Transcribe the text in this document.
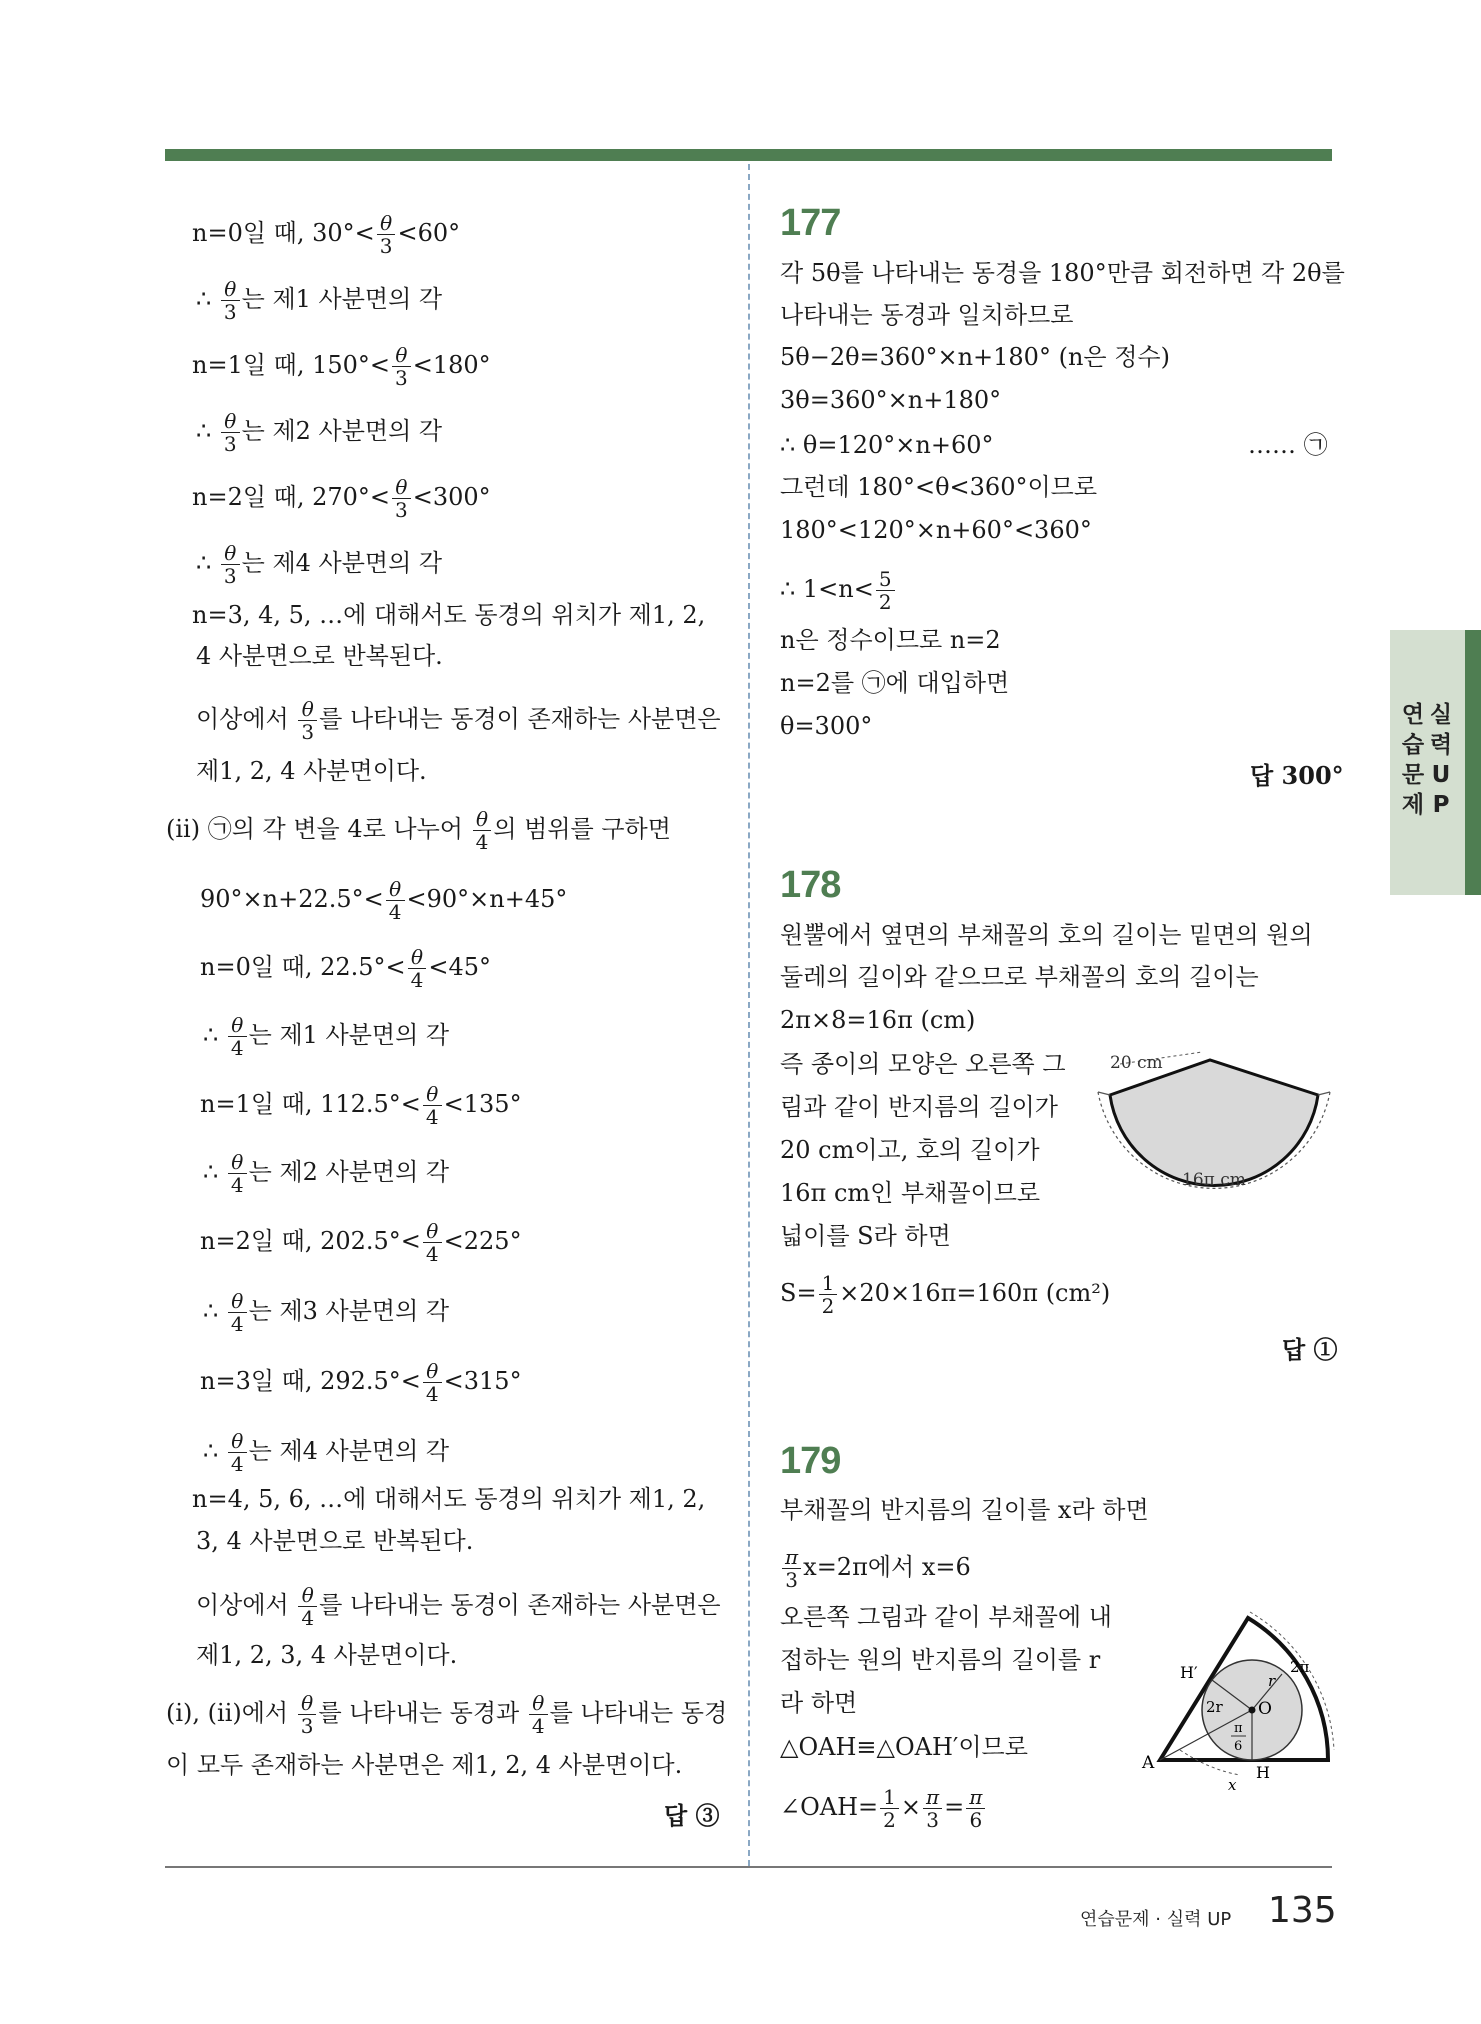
n=0일 때, $30^\circ< \frac{\theta}{3} <60^\circ$
∴ $\frac{\theta}{3}$ 는 제1 사분면의 각
n=1일 때, $150^\circ< \frac{\theta}{3} <180^\circ$
∴ $\frac{\theta}{3}$ 는 제2 사분면의 각
n=2일 때, $270^\circ< \frac{\theta}{3} <300^\circ$
∴ $\frac{\theta}{3}$ 는 제4 사분면의 각
n=3, 4, 5, …에 대해서도 동경의 위치가 제1, 2,
4 사분면으로 반복된다.
이상에서 $\frac{\theta}{3}$ 를 나타내는 동경이 존재하는 사분면은
제1, 2, 4 사분면이다.
(ii) ㉠의 각 변을 4로 나누어 $\frac{\theta}{4}$ 의 범위를 구하면
$90^\circ\times n+22.5^\circ< \frac{\theta}{4} <90^\circ\times n+45^\circ$
n=0일 때, $22.5^\circ< \frac{\theta}{4} <45^\circ$
∴ $\frac{\theta}{4}$ 는 제1 사분면의 각
n=1일 때, $112.5^\circ< \frac{\theta}{4} <135^\circ$
∴ $\frac{\theta}{4}$ 는 제2 사분면의 각
n=2일 때, $202.5^\circ< \frac{\theta}{4} <225^\circ$
∴ $\frac{\theta}{4}$ 는 제3 사분면의 각
n=3일 때, $292.5^\circ< \frac{\theta}{4} <315^\circ$
∴ $\frac{\theta}{4}$ 는 제4 사분면의 각
n=4, 5, 6, …에 대해서도 동경의 위치가 제1, 2,
3, 4 사분면으로 반복된다.
이상에서 $\frac{\theta}{4}$ 를 나타내는 동경이 존재하는 사분면은
제1, 2, 3, 4 사분면이다.
(i), (ii)에서 $\frac{\theta}{3}$ 를 나타내는 동경과 $\frac{\theta}{4}$ 를 나타내는 동경
이 모두 존재하는 사분면은 제1, 2, 4 사분면이다.
답 ③
177
각 5θ를 나타내는 동경을 180°만큼 회전하면 각 2θ를
나타내는 동경과 일치하므로
5θ−2θ=360°×n+180° (n은 정수)
3θ=360°×n+180°
∴ θ=120°×n+60°	…… ㉠
그런데 180°<θ<360°이므로
180°<120°×n+60°<360°
∴ $1<n< \frac{5}{2}$
n은 정수이므로 n=2
n=2를 ㉠에 대입하면
θ=300°
답 300°
178
원뿔에서 옆면의 부채꼴의 호의 길이는 밑면의 원의
둘레의 길이와 같으므로 부채꼴의 호의 길이는
2π×8=16π (cm)
즉 종이의 모양은 오른쪽 그
림과 같이 반지름의 길이가
20 cm이고, 호의 길이가
16π cm인 부채꼴이므로
넓이를 S라 하면
$S= \frac{1}{2} \times 20\times 16\pi=160\pi$ (cm²)
답 ①
20 cm
16π cm
179
부채꼴의 반지름의 길이를 x라 하면
$\frac{\pi}{3} x=2\pi$에서 x=6
오른쪽 그림과 같이 부채꼴에 내
접하는 원의 반지름의 길이를 r
라 하면
△OAH≡△OAH′이므로
∠OAH= $\frac{1}{2} \times \frac{\pi}{3} = \frac{\pi}{6}$
A	H
H′
O
r
2r
x
2π
π
6
연
습
문
제
실
력
U
P
연습문제 · 실력 UP 135
